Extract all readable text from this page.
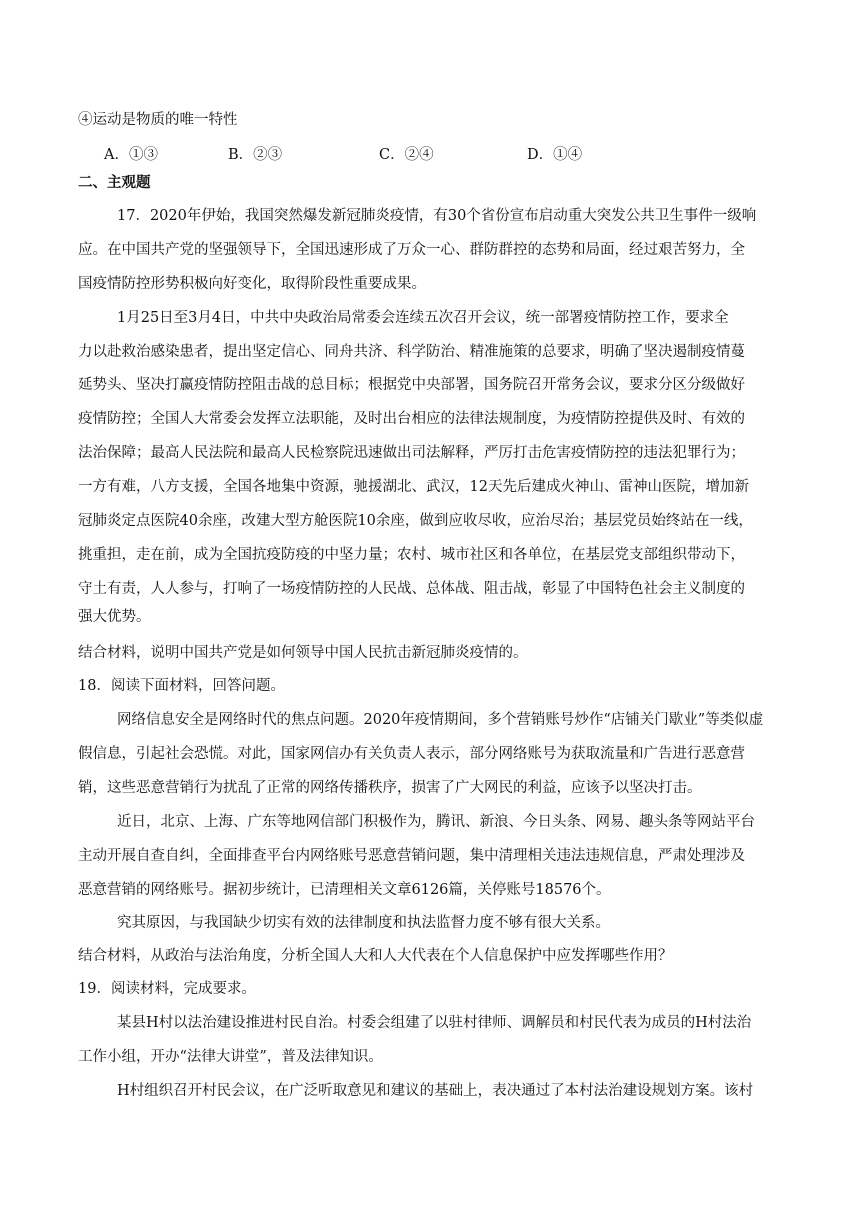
④运动是物质的唯一特性
A．①③	B．②③	C．②④	D．①④
二、主观题
17．2020年伊始，我国突然爆发新冠肺炎疫情，有30个省份宣布启动重大突发公共卫生事件一级响
应。在中国共产党的坚强领导下，全国迅速形成了万众一心、群防群控的态势和局面，经过艰苦努力，全
国疫情防控形势积极向好变化，取得阶段性重要成果。
1月25日至3月4日，中共中央政治局常委会连续五次召开会议，统一部署疫情防控工作，要求全
力以赴救治感染患者，提出坚定信心、同舟共济、科学防治、精准施策的总要求，明确了坚决遏制疫情蔓
延势头、坚决打赢疫情防控阻击战的总目标；根据党中央部署，国务院召开常务会议，要求分区分级做好
疫情防控；全国人大常委会发挥立法职能，及时出台相应的法律法规制度，为疫情防控提供及时、有效的
法治保障；最高人民法院和最高人民检察院迅速做出司法解释，严厉打击危害疫情防控的违法犯罪行为；
一方有难，八方支援，全国各地集中资源，驰援湖北、武汉，12天先后建成火神山、雷神山医院，增加新
冠肺炎定点医院40余座，改建大型方舱医院10余座，做到应收尽收，应治尽治；基层党员始终站在一线，
挑重担，走在前，成为全国抗疫防疫的中坚力量；农村、城市社区和各单位，在基层党支部组织带动下，
守土有责，人人参与，打响了一场疫情防控的人民战、总体战、阻击战，彰显了中国特色社会主义制度的
强大优势。
结合材料，说明中国共产党是如何领导中国人民抗击新冠肺炎疫情的。
18．阅读下面材料，回答问题。
网络信息安全是网络时代的焦点问题。2020年疫情期间，多个营销账号炒作“店铺关门歇业”等类似虚
假信息，引起社会恐慌。对此，国家网信办有关负责人表示，部分网络账号为获取流量和广告进行恶意营
销，这些恶意营销行为扰乱了正常的网络传播秩序，损害了广大网民的利益，应该予以坚决打击。
近日，北京、上海、广东等地网信部门积极作为，腾讯、新浪、今日头条、网易、趣头条等网站平台
主动开展自查自纠，全面排查平台内网络账号恶意营销问题，集中清理相关违法违规信息，严肃处理涉及
恶意营销的网络账号。据初步统计，已清理相关文章6126篇，关停账号18576个。
究其原因，与我国缺少切实有效的法律制度和执法监督力度不够有很大关系。
结合材料，从政治与法治角度，分析全国人大和人大代表在个人信息保护中应发挥哪些作用？
19．阅读材料，完成要求。
某县H村以法治建设推进村民自治。村委会组建了以驻村律师、调解员和村民代表为成员的H村法治
工作小组，开办“法律大讲堂”，普及法律知识。
H村组织召开村民会议，在广泛听取意见和建议的基础上，表决通过了本村法治建设规划方案。该村
